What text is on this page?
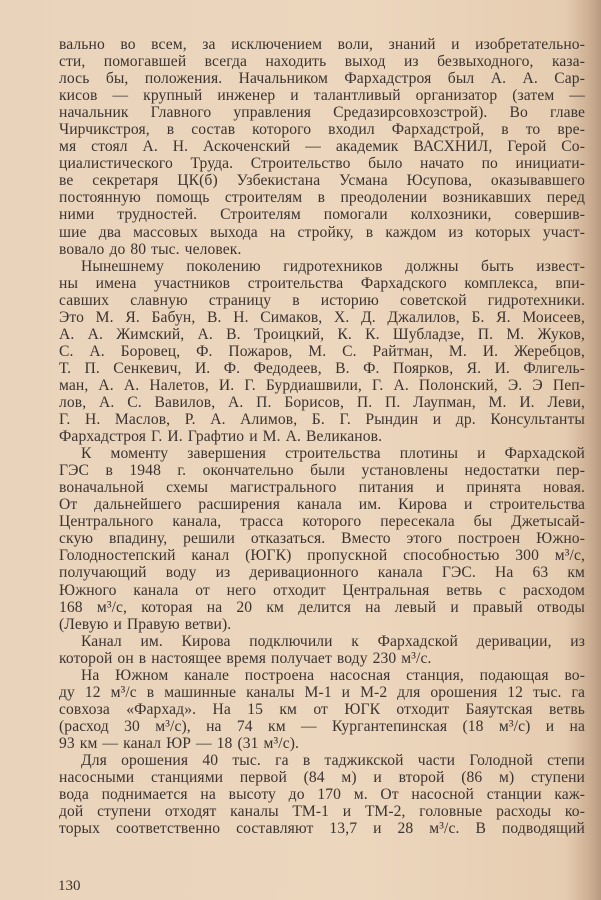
вально во всем, за исключением воли, знаний и изобретательно-
сти, помогавшей всегда находить выход из безвыходного, каза-
лось бы, положения. Начальником Фархадстроя был А. А. Сар-
кисов — крупный инженер и талантливый организатор (затем —
начальник Главного управления Средазирсовхозстрой). Во главе
Чирчикстроя, в состав которого входил Фархадстрой, в то вре-
мя стоял А. Н. Аскоченский — академик ВАСХНИЛ, Герой Со-
циалистического Труда. Строительство было начато по инициати-
ве секретаря ЦК(б) Узбекистана Усмана Юсупова, оказывавшего
постоянную помощь строителям в преодолении возникавших перед
ними трудностей. Строителям помогали колхозники, совершив-
шие два массовых выхода на стройку, в каждом из которых участ-
вовало до 80 тыс. человек.
Нынешнему поколению гидротехников должны быть извест-
ны имена участников строительства Фархадского комплекса, впи-
савших славную страницу в историю советской гидротехники.
Это М. Я. Бабун, В. Н. Симаков, Х. Д. Джалилов, Б. Я. Моисеев,
А. А. Жимский, А. В. Троицкий, К. К. Шубладзе, П. М. Жуков,
С. А. Боровец, Ф. Пожаров, М. С. Райтман, М. И. Жеребцов,
Т. П. Сенкевич, И. Ф. Федодеев, В. Ф. Поярков, Я. И. Флигель-
ман, А. А. Налетов, И. Г. Бурдиашвили, Г. А. Полонский, Э. Э Пеп-
лов, А. С. Вавилов, А. П. Борисов, П. П. Лаупман, М. И. Леви,
Г. Н. Маслов, Р. А. Алимов, Б. Г. Рындин и др. Консультанты
Фархадстроя Г. И. Графтио и М. А. Великанов.
К моменту завершения строительства плотины и Фархадской
ГЭС в 1948 г. окончательно были установлены недостатки пер-
воначальной схемы магистрального питания и принята новая.
От дальнейшего расширения канала им. Кирова и строительства
Центрального канала, трасса которого пересекала бы Джетысай-
скую впадину, решили отказаться. Вместо этого построен Южно-
Голодностепский канал (ЮГК) пропускной способностью 300 м³/с,
получающий воду из деривационного канала ГЭС. На 63 км
Южного канала от него отходит Центральная ветвь с расходом
168 м³/с, которая на 20 км делится на левый и правый отводы
(Левую и Правую ветви).
Канал им. Кирова подключили к Фархадской деривации, из
которой он в настоящее время получает воду 230 м³/с.
На Южном канале построена насосная станция, подающая во-
ду 12 м³/с в машинные каналы М-1 и М-2 для орошения 12 тыс. га
совхоза «Фархад». На 15 км от ЮГК отходит Баяутская ветвь
(расход 30 м³/с), на 74 км — Кургантепинская (18 м³/с) и на
93 км — канал ЮР — 18 (31 м³/с).
Для орошения 40 тыс. га в таджикской части Голодной степи
насосными станциями первой (84 м) и второй (86 м) ступени
вода поднимается на высоту до 170 м. От насосной станции каж-
дой ступени отходят каналы ТМ-1 и ТМ-2, головные расходы ко-
торых соответственно составляют 13,7 и 28 м³/с. В подводящий
130
